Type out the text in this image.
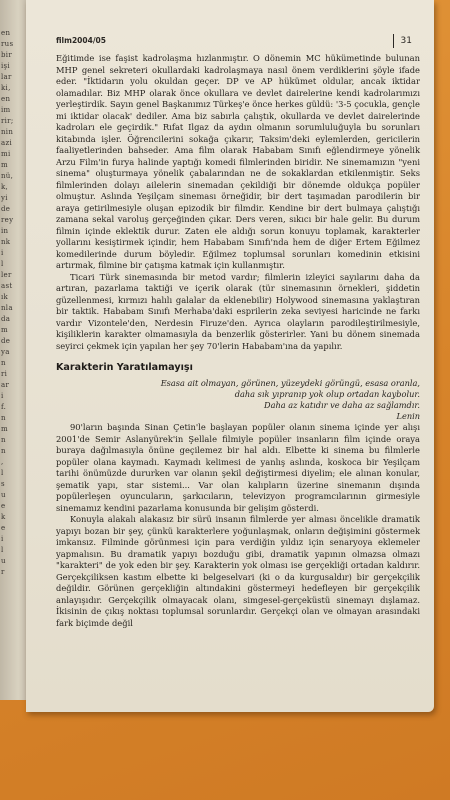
en
rus
bir
işi
lar
ki,
en
im
rir;
nin
azi
mi
m
nü,
k,
yi
de
rey
in
nk
i
l
ler
ast
ık
nla
da
m
de
ya
n
ri
ar
i
f.
n
m
n
n
,
l
s
u
e
k
e
i
l
u
r
film2004/05	31

Eğitimde ise faşist kadrolaşma hızlanmıştır. O dönemin MC hükümetinde bulunan MHP genel sekreteri okullardaki kadrolaşmaya nasıl önem verdiklerini şöyle ifade eder. "İktidarın yolu okuldan geçer. DP ve AP hükümet oldular, ancak iktidar olamadılar. Biz MHP olarak önce okullara ve devlet dairelerine kendi kadrolarımızı yerleştirdik. Sayın genel Başkanımız Türkeş'e önce herkes güldü: '3-5 çocukla, gençle mi iktidar olacak' dediler. Ama biz sabırla çalıştık, okullarda ve devlet dairelerinde kadroları ele geçirdik." Rıfat Ilgaz da aydın olmanın sorumluluğuyla bu sorunları kitabında işler. Öğrencilerini sokağa çıkarır, Taksim'deki eylemlerden, gericilerin faaliyetlerinden bahseder. Ama film olarak Hababam Sınıfı eğlendirmeye yönelik Arzu Film'in furya halinde yaptığı komedi filmlerinden biridir. Ne sinemamızın "yeni sinema" oluşturmaya yönelik çabalarından ne de sokaklardan etkilenmiştir. Seks filmlerinden dolayı ailelerin sinemadan çekildiği bir dönemde oldukça popüler olmuştur. Aslında Yeşilçam sineması örneğidir, bir dert taşımadan parodilerin bir araya getirilmesiyle oluşan epizodik bir filmdir. Kendine bir dert bulmaya çalıştığı zamana sekal varoluş gerçeğinden çıkar. Ders veren, sıkıcı bir hale gelir. Bu durum filmin içinde eklektik durur. Zaten ele aldığı sorun konuyu toplamak, karakterler yollarını kesiştirmek içindir, hem Hababam Sınıfı'nda hem de diğer Ertem Eğilmez komedilerinde durum böyledir. Eğilmez toplumsal sorunları komedinin etkisini artırmak, filmine bir çatışma katmak için kullanmıştır.

Ticari Türk sinemasında bir metod vardır; filmlerin izleyici sayılarını daha da artıran, pazarlama taktiği ve içerik olarak (tür sinemasının örnekleri, şiddetin güzellenmesi, kırmızı halılı galalar da eklenebilir) Holywood sinemasına yaklaştıran bir taktik. Hababam Sınıfı Merhaba'daki esprilerin zeka seviyesi haricinde ne farkı vardır Vizontele'den, Nerdesin Firuze'den. Ayrıca olayların parodileştirilmesiyle, kişiliklerin karakter olmamasıyla da benzerlik gösterirler. Yani bu dönem sinemada seyirci çekmek için yapılan her şey 70'lerin Hababam'ına da yapılır.

Karakterin Yaratılamayışı

Esasa ait olmayan, görünen, yüzeydeki görüngü, esasa oranla,

daha sık yıpranıp yok olup ortadan kaybolur.

Daha az katıdır ve daha az sağlamdır.

Lenin

90'ların başında Sinan Çetin'le başlayan popüler olanın sinema içinde yer alışı 2001'de Semir Aslanyürek'in Şellale filmiyle popüler insanların film içinde oraya buraya dağılmasıyla önüne geçilemez bir hal aldı. Elbette ki sinema bu filmlerle popüler olana kaymadı. Kaymadı kelimesi de yanlış aslında, koskoca bir Yeşilçam tarihi önümüzde dururken var olanın şekil değiştirmesi diyelim; ele alınan konular, şematik yapı, star sistemi... Var olan kalıpların üzerine sinemanın dışında popülerleşen oyuncuların, şarkıcıların, televizyon programcılarının girmesiyle sinemamız kendini pazarlama konusunda bir gelişim gösterdi.

Konuyla alakalı alakasız bir sürü insanın filmlerde yer alması öncelikle dramatik yapıyı bozan bir şey, çünkü karakterlere yoğunlaşmak, onların değişimini göstermek imkansız. Filminde görünmesi için para verdiğin yıldız için senaryoya eklemeler yapmalısın. Bu dramatik yapıyı bozduğu gibi, dramatik yapının olmazsa olmazı "karakteri" de yok eden bir şey. Karakterin yok olması ise gerçekliği ortadan kaldırır. Gerçekçiliksen kastım elbette ki belgeselvari (ki o da kurgusaldır) bir gerçekçilik değildir. Görünen gerçekliğin altındakini göstermeyi hedefleyen bir gerçekçilik anlayışıdır. Gerçekçilik olmayacak olanı, simgesel-gerçeküstü sinemayı dışlamaz. İkisinin de çıkış noktası toplumsal sorunlardır. Gerçekçi olan ve olmayan arasındaki fark biçimde değil
